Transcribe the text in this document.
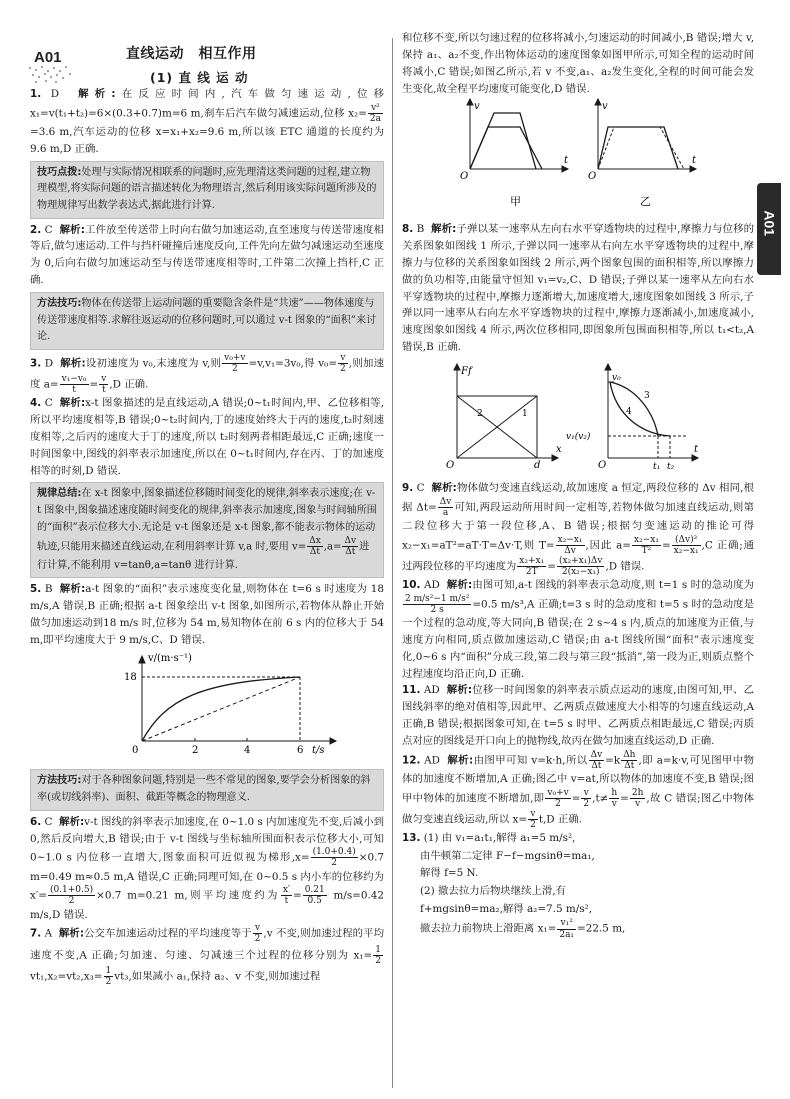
A01	直线运动　相互作用
(1) 直 线 运 动
A01

1. D 解析:在反应时间内,汽车做匀速运动,位移 x₁=v(t₁+t₂)=6×(0.3+0.7)m=6 m,刹车后汽车做匀减速运动,位移 $x_2= \frac{\text{v²}}{2a}$
=3.6 m,汽车运动的位移 x=x₁+x₂=9.6 m,所以该 ETC 通道的长度约为 9.6 m,D 正确.

技巧点拨:处理与实际情况相联系的问题时,应先理清这类问题的过程,建立物理模型,将实际问题的语言描述转化为物理语言,然后利用该实际问题所涉及的物理规律写出数学表达式,据此进行计算.

2. C 解析:工件放至传送带上时向右做匀加速运动,直至速度与传送带速度相等后,做匀速运动.工件与挡杆碰撞后速度反向,工件先向左做匀减速运动至速度为 0,后向右做匀加速运动至与传送带速度相等时,工件第二次撞上挡杆,C 正确.

方法技巧:物体在传送带上运动问题的重要隐含条件是“共速”——物体速度与传送带速度相等.求解往返运动的位移问题时,可以通过 v-t 图象的“面积”来讨论.

3. D 解析:设初速度为 v₀,末速度为 v,则 $\frac{\text{v₀+v}}{2} =v,v_1=3v_0$,得 $v_0= \frac{v}{2}$ ,则加速度 $a= \frac{\text{v₁−v₀}}{t} = \frac{v}{t} ,D$ 正确.

4. C 解析:x-t 图象描述的是直线运动,A 错误;0~t₁时间内,甲、乙位移相等,所以平均速度相等,B 错误;0~t₂时间内,丁的速度始终大于丙的速度,t₂时刻速度相等,之后丙的速度大于丁的速度,所以 t₂时刻两者相距最远,C 正确;速度一时间图象中,图线的斜率表示加速度,所以在 0~t₁时间内,存在丙、丁的加速度相等的时刻,D 错误.

规律总结:在 x-t 图象中,图象描述位移随时间变化的规律,斜率表示速度;在 v-t 图象中,图象描述速度随时间变化的规律,斜率表示加速度,图象与时间轴所围的“面积”表示位移大小.无论是 v-t 图象还是 x-t 图象,都不能表示物体的运动轨迹,只能用来描述直线运动,在利用斜率计算 v,a 时,要用 $v= \frac{\Delta x}{\Delta t} ,a= \frac{\Delta v}{\Delta t}$ 进行计算,不能利用 v=tanθ,a=tanθ 进行计算.

5. B 解析:a-t 图象的“面积”表示速度变化量,则物体在 t=6 s 时速度为 18 m/s,A 错误,B 正确;根据 a-t 图象绘出 v-t 图象,如图所示,若物体从静止开始做匀加速运动到18 m/s 时,位移为 54 m,易知物体在前 6 s 内的位移大于 54 m,即平均速度大于 9 m/s,C、D 错误.

v/(m·s⁻¹)
18
0	2	4	6 t/s
方法技巧:对于各种图象问题,特别是一些不常见的图象,要学会分析图象的斜率(或切线斜率)、面积、截距等概念的物理意义.

6. C 解析:v-t 图线的斜率表示加速度,在 0~1.0 s 内加速度先不变,后减小到 0,然后反向增大,B 错误;由于 v-t 图线与坐标轴所围面积表示位移大小,可知 0~1.0 s 内位移一直增大,图象面积可近似视为梯形$,x= \frac{(1.0+0.4)}{2} \times 0.7$ m=0.49 m≈0.5 m,A 错误,C 正确;同理可知,在 0~0.5 s 内小车的位移约为 $x'= \frac{(0.1+0.5)}{2} \times 0.7$ m=0.21 m,则平均速度约为 $\frac{x'}{t} = \frac{0.21}{0.5} m/s=0.42$ m/s,D 错误.

7. A 解析:公交车加速运动过程的平均速度等于 $\frac{v}{2} ,v$ 不变,则加速过程的平均速度不变,A 正确;匀加速、匀速、匀减速三个过程的位移分别为 $x_1= \frac{1}{2}$
$vt_1,x_2=vt_2,x_3= \frac{1}{2} vt_3$,如果减小 a₁,保持 a₂、v 不变,则加速过程

和位移不变,所以匀速过程的位移将减小,匀速运动的时间减小,B 错误;增大 v,保持 a₁、a₂不变,作出物体运动的速度图象如图甲所示,可知全程的运动时间将减小,C 错误;如图乙所示,若 v 不变,a₁、a₂发生变化,全程的时间可能会发生变化,故全程平均速度可能变化,D 错误.

v
t
O
v
t
O
甲	乙

8. B 解析:子弹以某一速率从左向右水平穿透物块的过程中,摩擦力与位移的关系图象如图线 1 所示,子弹以同一速率从右向左水平穿透物块的过程中,摩擦力与位移的关系图象如图线 2 所示,两个图象包围的面积相等,所以摩擦力做的负功相等,由能量守恒知 v₁=v₂,C、D 错误;子弹以某一速率从左向右水平穿透物块的过程中,摩擦力逐渐增大,加速度增大,速度图象如图线 3 所示,子弹以同一速率从右向左水平穿透物块的过程中,摩擦力逐渐减小,加速度减小,速度图象如图线 4 所示,两次位移相同,即图象所包围面积相等,所以 t₁<t₂,A 错误,B 正确.

Ff
O	d
x
1
2
v₀
v₁(v₂)
3
4
t₁ t₂
t
O

9. C 解析:物体做匀变速直线运动,故加速度 a 恒定,两段位移的 Δv 相同,根据 $\Delta t= \frac{\Delta v}{a}$ 可知,两段运动所用时间一定相等,若物体做匀加速直线运动,则第二段位移大于第一段位移,A、B 错误;根据匀变速运动的推论可得 x₂−x₁=aT²=aT·T=Δv·T,则 $T= \frac{\text{x₂−x₁}}{\Delta v}$ ,因此 $a= \frac{\text{x₂−x₁}}{\text{T²}} = \frac{\text{(Δv)²}}{\text{x₂−x₁}} ,C$ 正确;通过两段位移的平均速度为 $\frac{\text{x₂+x₁}}{2T} = \frac{\text{(x₂+x₁)Δv}}{\text{2(x₂−x₁)}} ,D$ 错误.

10. AD 解析:由图可知,a-t 图线的斜率表示急动度,则 t=1 s 时的急动度为
$\frac{\text{2 m/s²−1 m/s²}}{2 s} =0.5$ m/s³,A 正确;t=3 s 时的急动度和 t=5 s 时的急动度是一个过程的急动度,等大同向,B 错误;在 2 s~4 s 内,质点的加速度为正值,与速度方向相同,质点做加速运动,C 错误;由 a-t 图线所围“面积”表示速度变化,0~6 s 内“面积”分成三段,第二段与第三段“抵消”,第一段为正,则质点整个过程速度均沿正向,D 正确.

11. AD 解析:位移一时间图象的斜率表示质点运动的速度,由图可知,甲、乙图线斜率的绝对值相等,因此甲、乙两质点做速度大小相等的匀速直线运动,A 正确,B 错误;根据图象可知,在 t=5 s 时甲、乙两质点相距最远,C 错误;丙质点对应的图线是开口向上的抛物线,故丙在做匀加速直线运动,D 正确.

12. AD 解析:由图甲可知 v=k·h,所以 $\frac{\Delta v}{\Delta t} =k \frac{\Delta h}{\Delta t}$ ,即 a=k·v,可见图甲中物体的加速度不断增加,A 正确;图乙中 v=at,所以物体的加速度不变,B 错误;图甲中物体的加速度不断增加,即 $\frac{\text{v₀+v}}{2} = \frac{v}{2} ,t\ne \frac{h}{v} = \frac{2h}{v}$ ,故 C 错误;图乙中物体做匀变速直线运动,所以 $x= \frac{v}{2} t,D$ 正确.

13. (1) 由 v₁=a₁t₁,解得 a₁=5 m/s²,
由牛顿第二定律 F−f−mgsinθ=ma₁,
解得 f=5 N.
(2) 撤去拉力后物块继续上滑,有
f+mgsinθ=ma₂,解得 a₂=7.5 m/s²,
撤去拉力前物块上滑距离 $x_1= \frac{\text{v₁²}}{\text{2a₁}} =22.5$ m,
